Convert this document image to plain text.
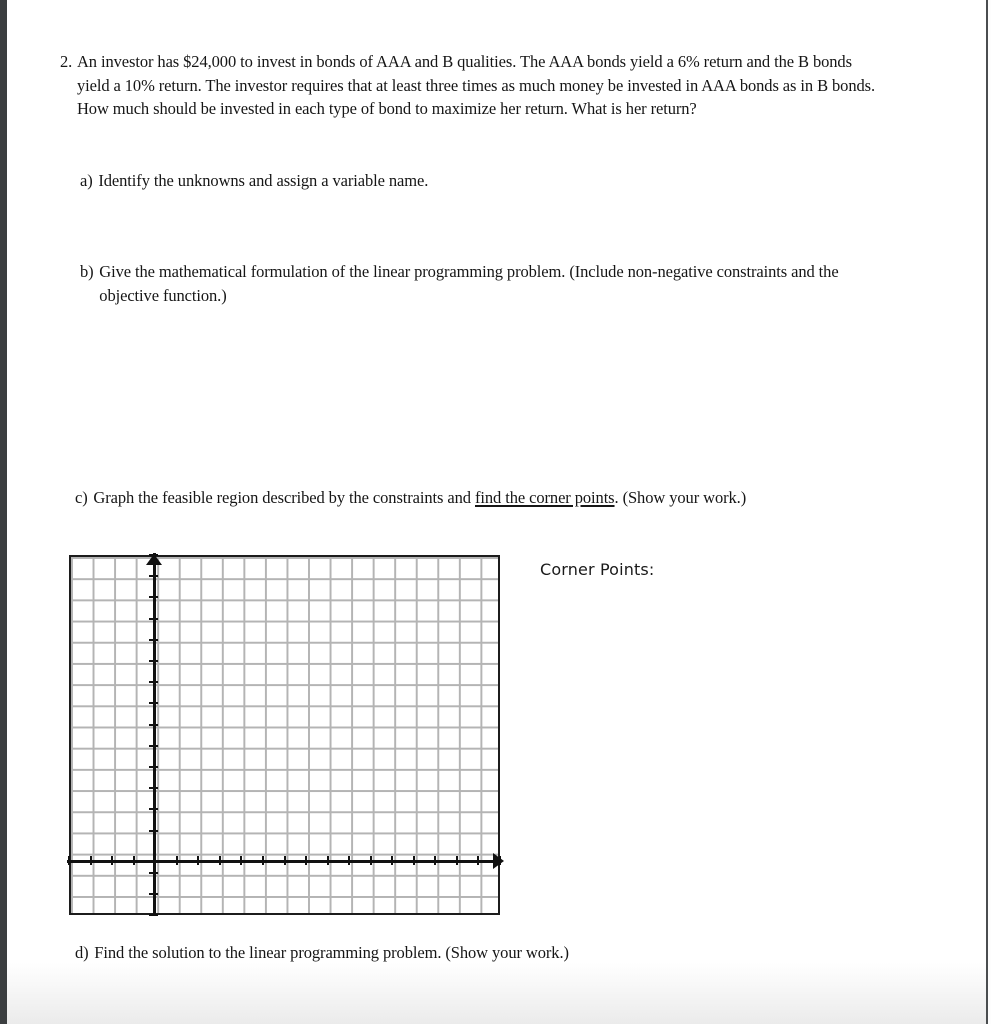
2. An investor has $24,000 to invest in bonds of AAA and B qualities. The AAA bonds yield a 6% return and the B bonds yield a 10% return. The investor requires that at least three times as much money be invested in AAA bonds as in B bonds. How much should be invested in each type of bond to maximize her return. What is her return?
a) Identify the unknowns and assign a variable name.
b) Give the mathematical formulation of the linear programming problem. (Include non-negative constraints and the objective function.)
c) Graph the feasible region described by the constraints and find the corner points. (Show your work.)
Corner Points:
d) Find the solution to the linear programming problem. (Show your work.)
